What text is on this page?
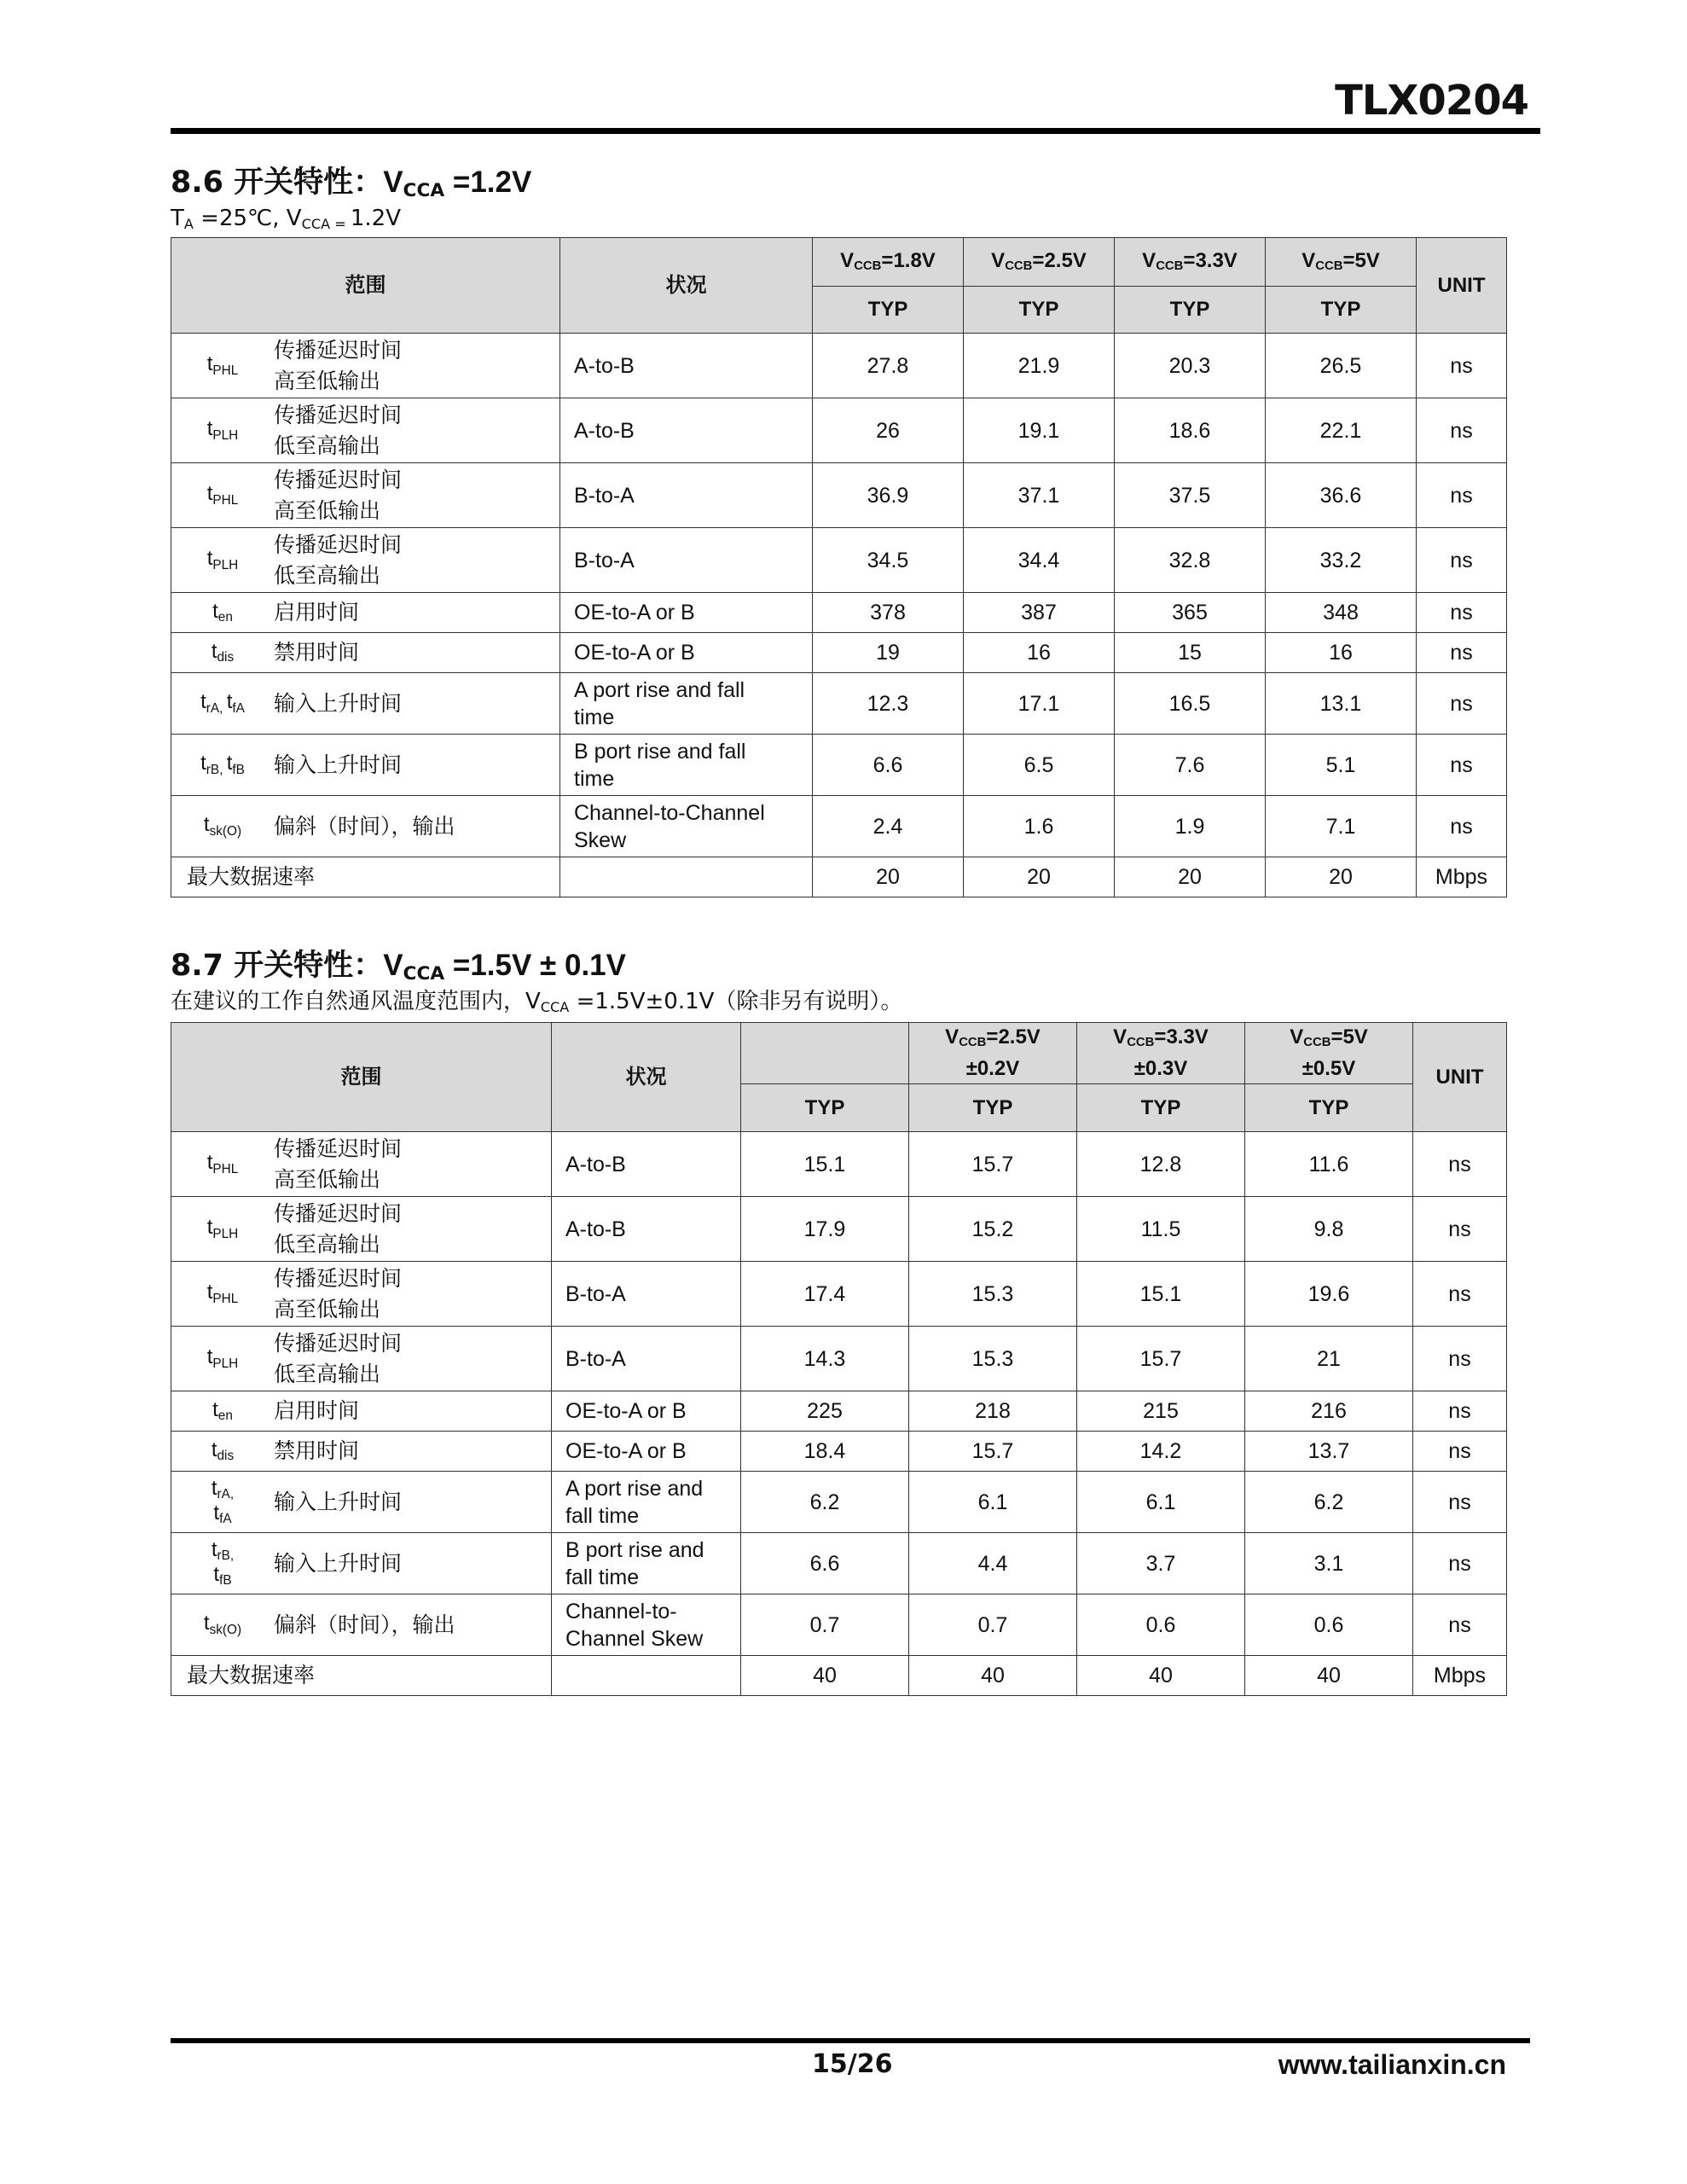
TLX0204
8.6 开关特性：VCCA =1.2V
TA =25℃, VCCA = 1.2V
范围	状况	VCCB=1.8V	VCCB=2.5V	VCCB=3.3V	VCCB=5V	UNIT
		TYP	TYP	TYP	TYP	

tPHL
传播延迟时间
高至低输出	A-to-B	27.8	21.9	20.3	26.5	ns

tPLH
传播延迟时间
低至高输出	A-to-B	26	19.1	18.6	22.1	ns

tPHL
传播延迟时间
高至低输出	B-to-A	36.9	37.1	37.5	36.6	ns

tPLH
传播延迟时间
低至高输出	B-to-A	34.5	34.4	32.8	33.2	ns

ten 启用时间	OE-to-A or B	378	387	365	348	ns

tdis 禁用时间	OE-to-A or B	19	16	15	16	ns

trA, tfA 输入上升时间	A port rise and fall
time	12.3	17.1	16.5	13.1	ns

trB, tfB 输入上升时间	B port rise and fall
time	6.6	6.5	7.6	5.1	ns

tsk(O) 偏斜（时间），输出	Channel-to-Channel
Skew	2.4	1.6	1.9	7.1	ns
最大数据速率		20	20	20	20	Mbps
8.7 开关特性：VCCA =1.5V ± 0.1V
在建议的工作自然通风温度范围内，VCCA =1.5V±0.1V（除非另有说明）。
范围	状况		VCCB=2.5V
±0.2V	VCCB=3.3V
±0.3V	VCCB=5V
±0.5V	UNIT
		TYP	TYP	TYP	TYP	

tPHL
传播延迟时间
高至低输出	A-to-B	15.1	15.7	12.8	11.6	ns

tPLH
传播延迟时间
低至高输出	A-to-B	17.9	15.2	11.5	9.8	ns

tPHL
传播延迟时间
高至低输出	B-to-A	17.4	15.3	15.1	19.6	ns

tPLH
传播延迟时间
低至高输出	B-to-A	14.3	15.3	15.7	21	ns

ten 启用时间	OE-to-A or B	225	218	215	216	ns

tdis 禁用时间	OE-to-A or B	18.4	15.7	14.2	13.7	ns

trA,
tfA
输入上升时间	A port rise and
fall time	6.2	6.1	6.1	6.2	ns

trB,
tfB
输入上升时间	B port rise and
fall time	6.6	4.4	3.7	3.1	ns

tsk(O) 偏斜（时间），输出	Channel-to-
Channel Skew	0.7	0.7	0.6	0.6	ns
最大数据速率		40	40	40	40	Mbps
15/26	www.tailianxin.cn
